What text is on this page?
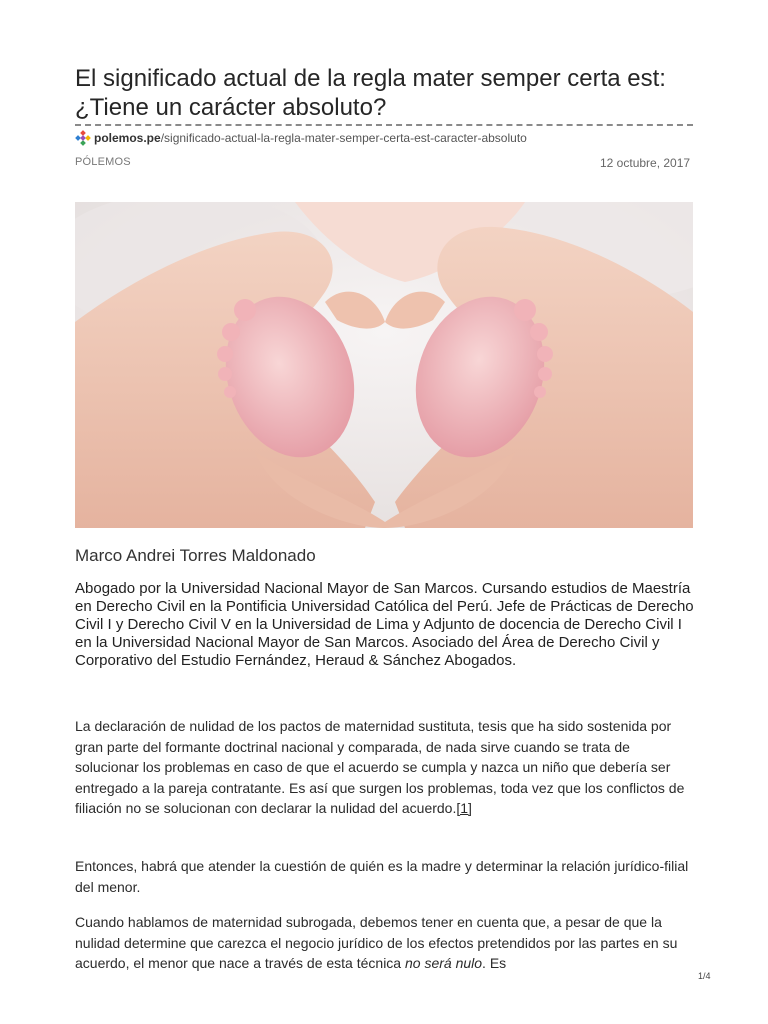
El significado actual de la regla mater semper certa est: ¿Tiene un carácter absoluto?
polemos.pe /significado-actual-la-regla-mater-semper-certa-est-caracter-absoluto
PÓLEMOS	12 octubre, 2017
Marco Andrei Torres Maldonado

Abogado por la Universidad Nacional Mayor de San Marcos. Cursando estudios de Maestría en Derecho Civil en la Pontificia Universidad Católica del Perú. Jefe de Prácticas de Derecho Civil I y Derecho Civil V en la Universidad de Lima y Adjunto de docencia de Derecho Civil I en la Universidad Nacional Mayor de San Marcos. Asociado del Área de Derecho Civil y Corporativo del Estudio Fernández, Heraud & Sánchez Abogados.

La declaración de nulidad de los pactos de maternidad sustituta, tesis que ha sido sostenida por gran parte del formante doctrinal nacional y comparada, de nada sirve cuando se trata de solucionar los problemas en caso de que el acuerdo se cumpla y nazca un niño que debería ser entregado a la pareja contratante. Es así que surgen los problemas, toda vez que los conflictos de filiación no se solucionan con declarar la nulidad del acuerdo.[1]

Entonces, habrá que atender la cuestión de quién es la madre y determinar la relación jurídico-filial del menor.

Cuando hablamos de maternidad subrogada, debemos tener en cuenta que, a pesar de que la nulidad determine que carezca el negocio jurídico de los efectos pretendidos por las partes en su acuerdo, el menor que nace a través de esta técnica no será nulo. Es

1/4
